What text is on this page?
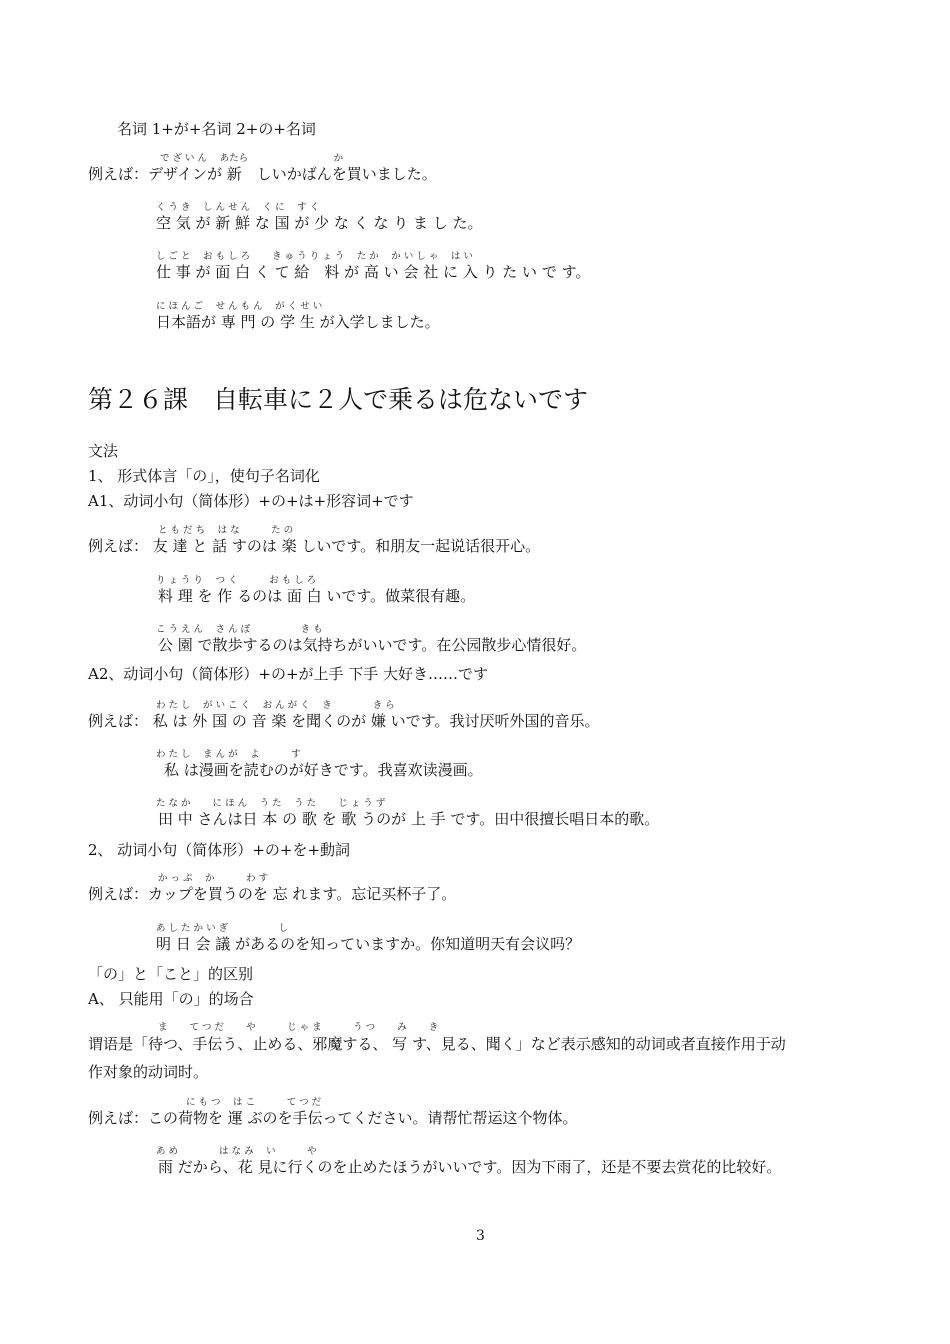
名词 1+が+名词 2+の+名词
で ざ い ん　 あたら　　　　　　　　　か
例えば：デザインが 新　しいかばんを買いました。
く う き　 し ん せ ん　 く に　 す く
空 気 が 新 鮮 な 国 が 少 な く な り ま し た。
し ご と　 お も し ろ　　 き ゅ う り ょ う　 た か　 か い し ゃ　 は い
仕 事 が 面 白 く て 給　料 が 高 い 会 社 に 入 り た い で す。
に ほ ん ご　 せ ん も ん　 が く せ い
日本語が 専 門 の 学 生 が入学しました。
第２６課　自転車に２人で乗るは危ないです
文法
1、 形式体言「の」，使句子名词化
A1、动词小句（简体形）+の+は+形容词+です
と も だ ち　 は な　　　 た の
例えば： 友 達 と 話 すのは 楽 しいです。和朋友一起说话很开心。
り ょ う り　 つ く　　　 お も し ろ
料 理 を 作 るのは 面 白 いです。做菜很有趣。
こ う え ん　 さ ん ぽ　　　　　 き も
公 園 で散歩するのは気持ちがいいです。在公园散步心情很好。
A2、动词小句（简体形）+の+が上手 下手 大好き……です
わ た し　 が い こ く　 お ん が く　 き　　　　 き ら
例えば： 私 は 外 国 の 音 楽 を聞くのが 嫌 いです。我讨厌听外国的音乐。
わ た し　 ま ん が　 よ　　　 す
私 は漫画を読むのが好きです。我喜欢读漫画。
た な か　　 に ほ ん　 う た　 う た　　 じ ょ う ず
田 中 さんは日 本 の 歌 を 歌 うのが 上 手 です。田中很擅长唱日本的歌。
2、 动词小句（简体形）+の+を+動詞
か っ ぷ　 か　　　 わ す
例えば：カップを買うのを 忘 れます。忘记买杯子了。
あ し た か い ぎ　　　　　 し
明 日 会 議 があるのを知っていますか。你知道明天有会议吗？
「の」と「こと」的区别
A、 只能用「の」的场合
ま　　 て つ だ　　 や　　　 じ ゃ ま　　　 う つ　　 み　　 き
谓语是「待つ、手伝う、止める、邪魔する、 写 す、見る、聞く」など表示感知的动词或者直接作用于动
作对象的动词时。
に も つ　 は こ　　　 て つ だ
例えば：この荷物を 運 ぶのを手伝ってください。请帮忙帮运这个物体。
あ め　　　　 は な み　 い　　　 や
雨 だから、花 見に行くのを止めたほうがいいです。因为下雨了，还是不要去赏花的比较好。
3
